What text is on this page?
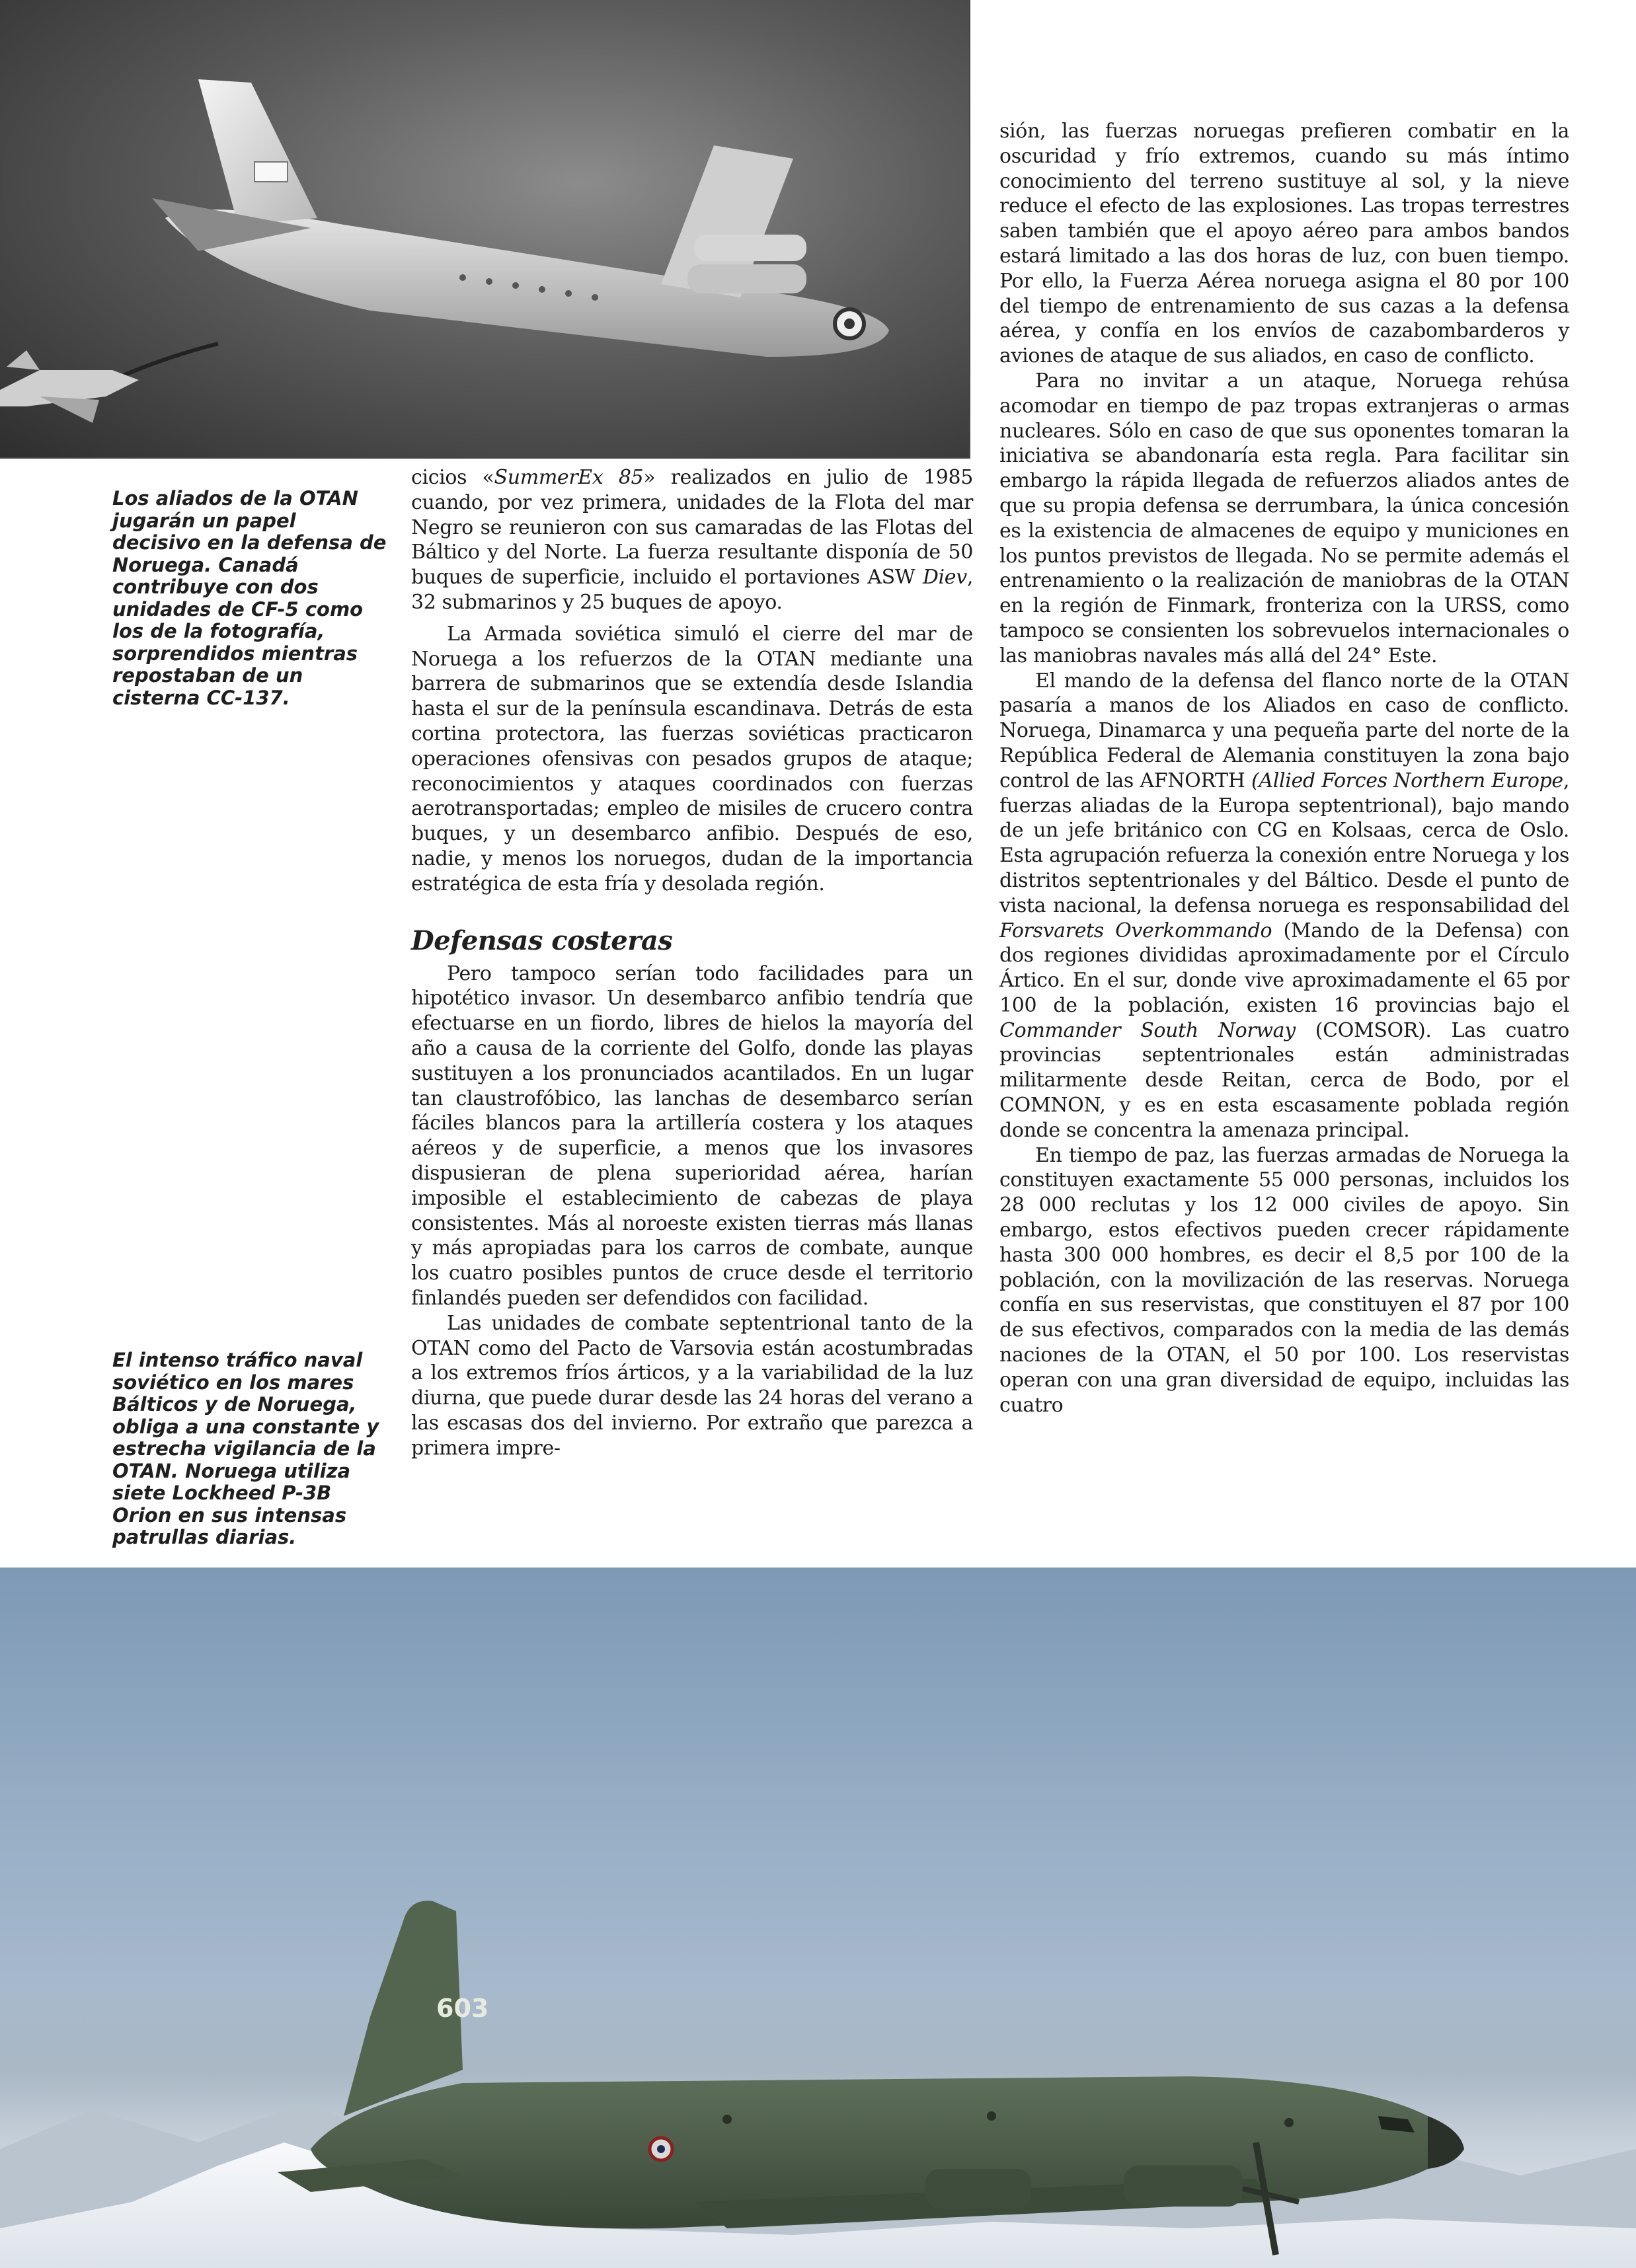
Los aliados de la OTAN jugarán un papel decisivo en la defensa de Noruega. Canadá contribuye con dos unidades de CF-5 como los de la fotografía, sorprendidos mientras repostaban de un cisterna CC-137.
El intenso tráfico naval soviético en los mares Bálticos y de Noruega, obliga a una constante y estrecha vigilancia de la OTAN. Noruega utiliza siete Lockheed P-3B Orion en sus intensas patrullas diarias.

cicios «SummerEx 85» realizados en julio de 1985 cuando, por vez primera, unidades de la Flota del mar Negro se reunieron con sus camaradas de las Flotas del Báltico y del Norte. La fuerza resultante disponía de 50 buques de superficie, incluido el portaviones ASW Diev, 32 submarinos y 25 buques de apoyo.

La Armada soviética simuló el cierre del mar de Noruega a los refuerzos de la OTAN mediante una barrera de submarinos que se extendía desde Islandia hasta el sur de la península escandinava. Detrás de esta cortina protectora, las fuerzas soviéticas practicaron operaciones ofensivas con pesados grupos de ataque; reconocimientos y ataques coordinados con fuerzas aerotransportadas; empleo de misiles de crucero contra buques, y un desembarco anfibio. Después de eso, nadie, y menos los noruegos, dudan de la importancia estratégica de esta fría y desolada región.

Defensas costeras

Pero tampoco serían todo facilidades para un hipotético invasor. Un desembarco anfibio tendría que efectuarse en un fiordo, libres de hielos la mayoría del año a causa de la corriente del Golfo, donde las playas sustituyen a los pronunciados acantilados. En un lugar tan claustrofóbico, las lanchas de desembarco serían fáciles blancos para la artillería costera y los ataques aéreos y de superficie, a menos que los invasores dispusieran de plena superioridad aérea, harían imposible el establecimiento de cabezas de playa consistentes. Más al noroeste existen tierras más llanas y más apropiadas para los carros de combate, aunque los cuatro posibles puntos de cruce desde el territorio finlandés pueden ser defendidos con facilidad.

Las unidades de combate septentrional tanto de la OTAN como del Pacto de Varsovia están acostumbradas a los extremos fríos árticos, y a la variabilidad de la luz diurna, que puede durar desde las 24 horas del verano a las escasas dos del invierno. Por extraño que parezca a primera impre-

sión, las fuerzas noruegas prefieren combatir en la oscuridad y frío extremos, cuando su más íntimo conocimiento del terreno sustituye al sol, y la nieve reduce el efecto de las explosiones. Las tropas terrestres saben también que el apoyo aéreo para ambos bandos estará limitado a las dos horas de luz, con buen tiempo. Por ello, la Fuerza Aérea noruega asigna el 80 por 100 del tiempo de entrenamiento de sus cazas a la defensa aérea, y confía en los envíos de cazabombarderos y aviones de ataque de sus aliados, en caso de conflicto.

Para no invitar a un ataque, Noruega rehúsa acomodar en tiempo de paz tropas extranjeras o armas nucleares. Sólo en caso de que sus oponentes tomaran la iniciativa se abandonaría esta regla. Para facilitar sin embargo la rápida llegada de refuerzos aliados antes de que su propia defensa se derrumbara, la única concesión es la existencia de almacenes de equipo y municiones en los puntos previstos de llegada. No se permite además el entrenamiento o la realización de maniobras de la OTAN en la región de Finmark, fronteriza con la URSS, como tampoco se consienten los sobrevuelos internacionales o las maniobras navales más allá del 24° Este.

El mando de la defensa del flanco norte de la OTAN pasaría a manos de los Aliados en caso de conflicto. Noruega, Dinamarca y una pequeña parte del norte de la República Federal de Alemania constituyen la zona bajo control de las AFNORTH (Allied Forces Northern Europe, fuerzas aliadas de la Europa septentrional), bajo mando de un jefe británico con CG en Kolsaas, cerca de Oslo. Esta agrupación refuerza la conexión entre Noruega y los distritos septentrionales y del Báltico. Desde el punto de vista nacional, la defensa noruega es responsabilidad del Forsvarets Overkommando (Mando de la Defensa) con dos regiones divididas aproximadamente por el Círculo Ártico. En el sur, donde vive aproximadamente el 65 por 100 de la población, existen 16 provincias bajo el Commander South Norway (COMSOR). Las cuatro provincias septentrionales están administradas militarmente desde Reitan, cerca de Bodo, por el COMNON, y es en esta escasamente poblada región donde se concentra la amenaza principal.

En tiempo de paz, las fuerzas armadas de Noruega la constituyen exactamente 55 000 personas, incluidos los 28 000 reclutas y los 12 000 civiles de apoyo. Sin embargo, estos efectivos pueden crecer rápidamente hasta 300 000 hombres, es decir el 8,5 por 100 de la población, con la movilización de las reservas. Noruega confía en sus reservistas, que constituyen el 87 por 100 de sus efectivos, comparados con la media de las demás naciones de la OTAN, el 50 por 100. Los reservistas operan con una gran diversidad de equipo, incluidas las cuatro

603
